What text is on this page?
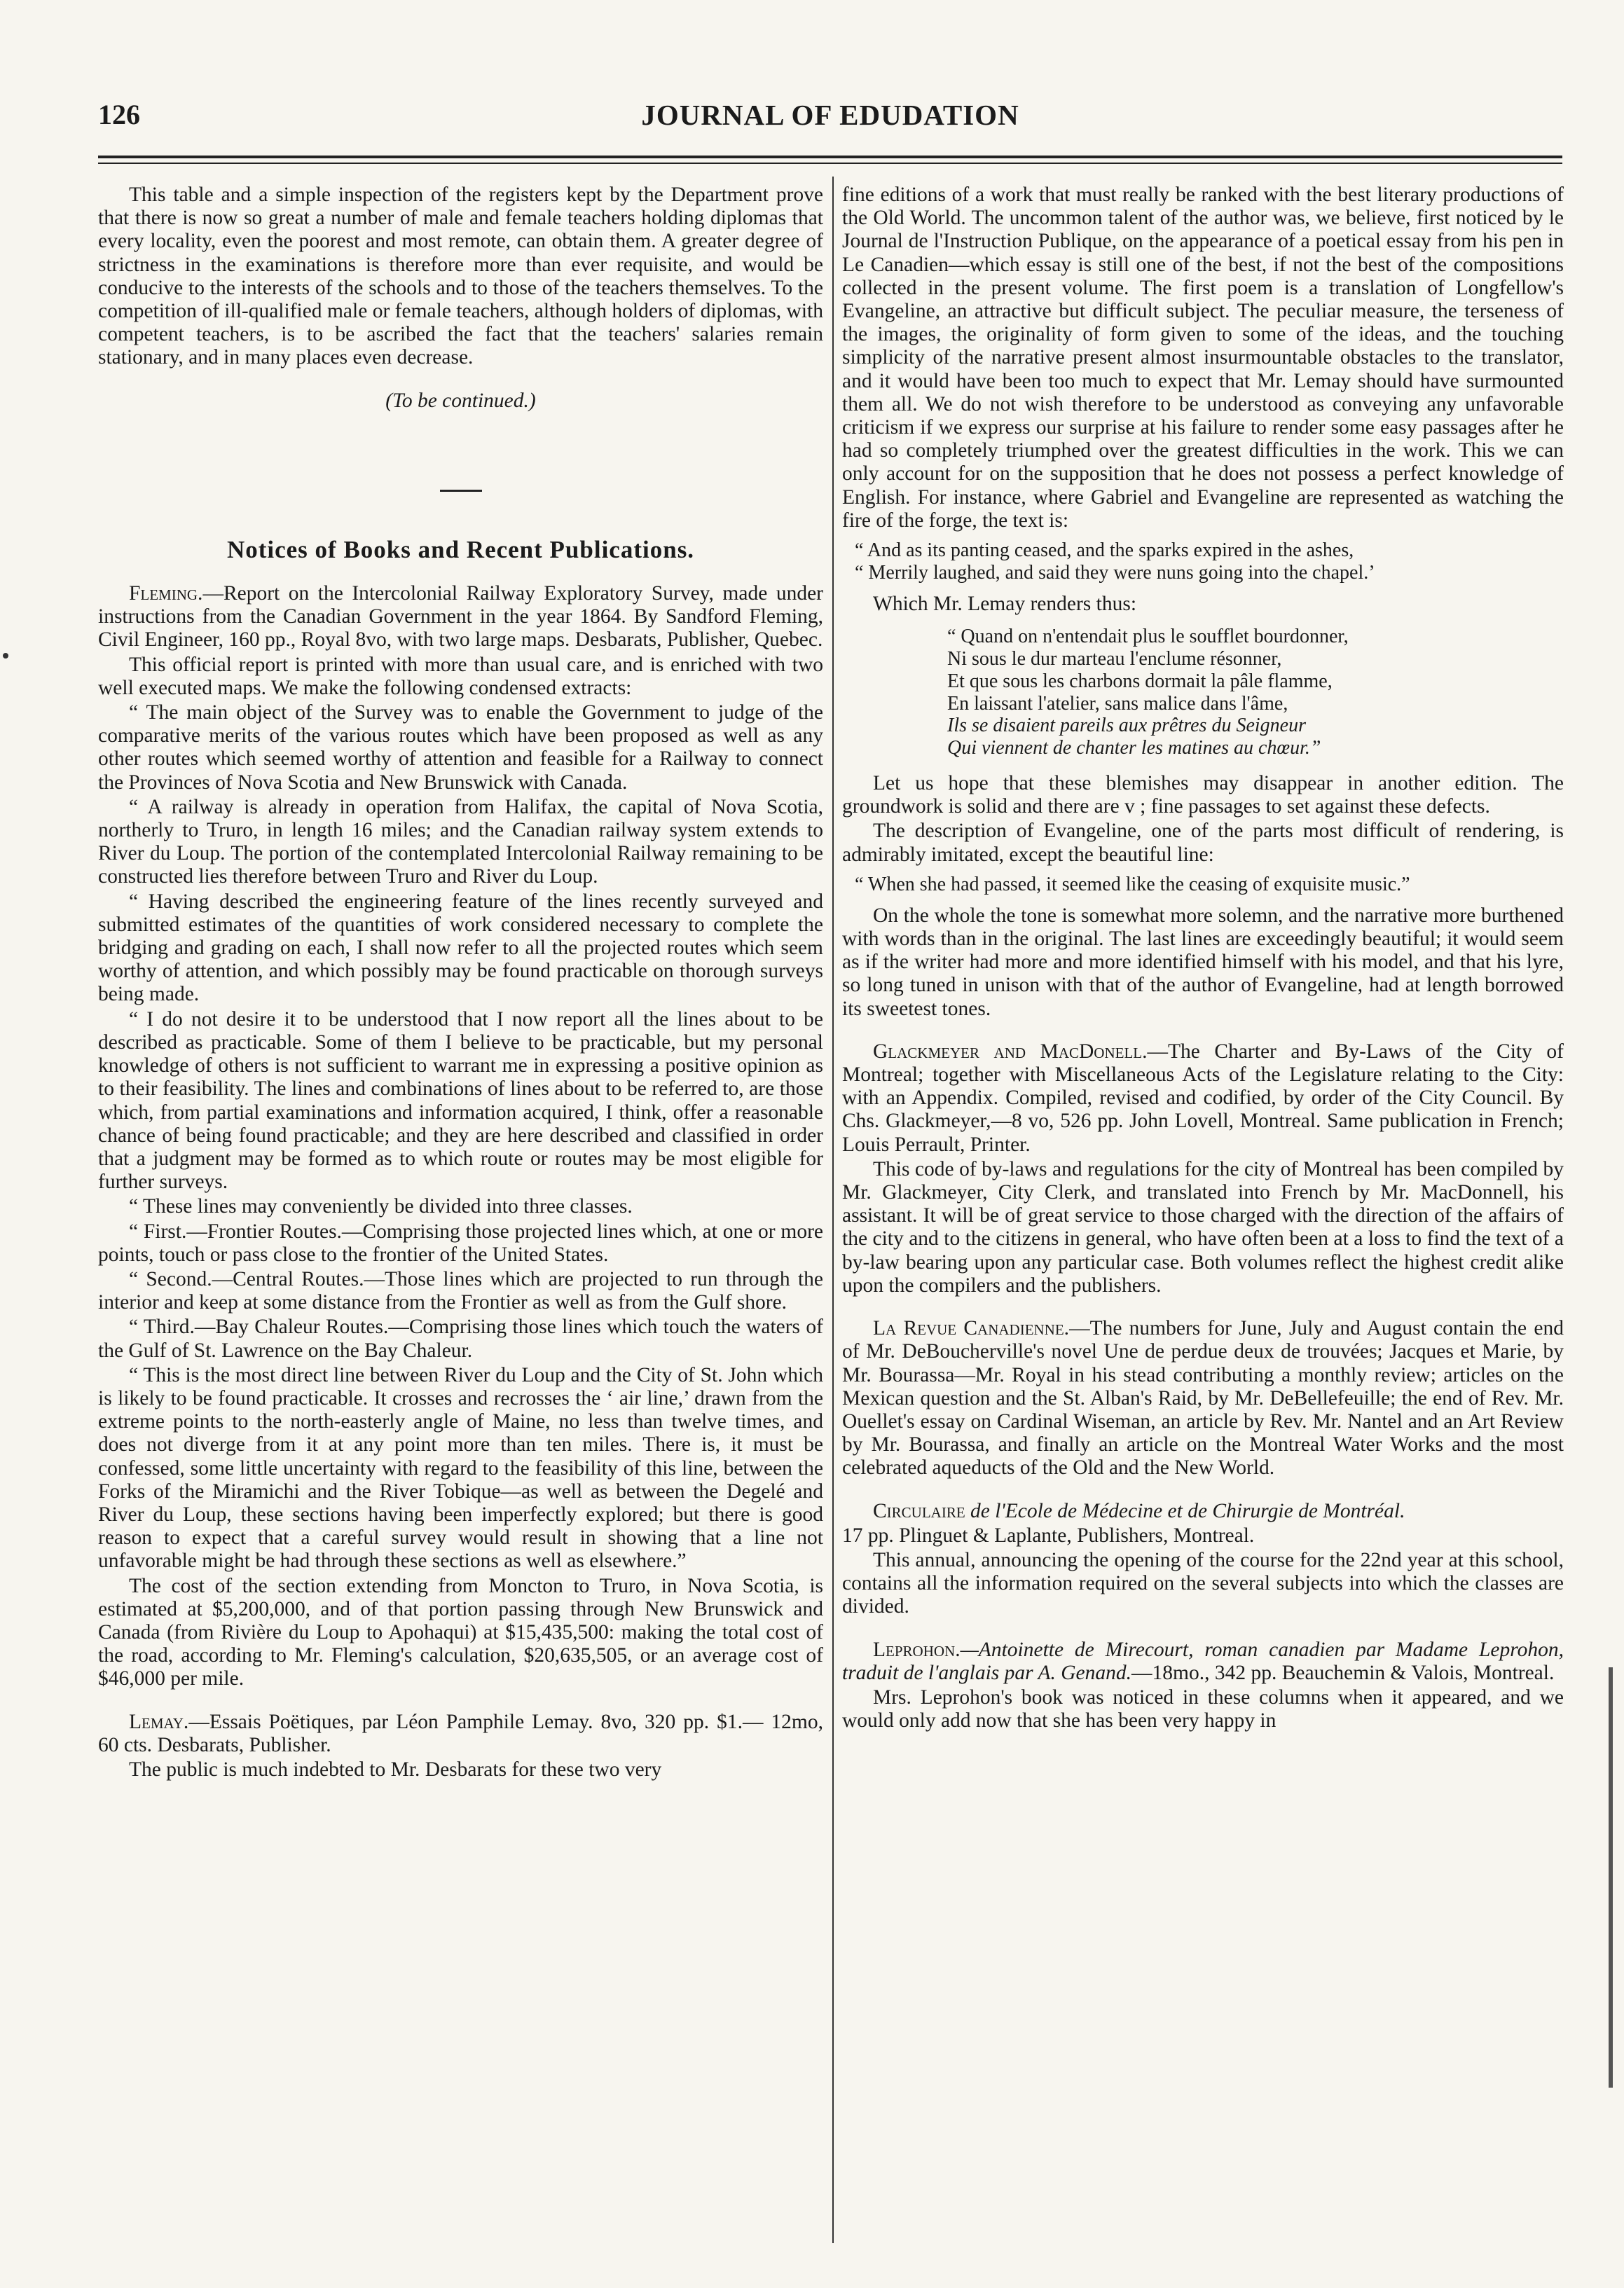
126	JOURNAL OF EDUDATION

This table and a simple inspection of the registers kept by the Department prove that there is now so great a number of male and female teachers holding diplomas that every locality, even the poorest and most remote, can obtain them. A greater degree of strictness in the examinations is therefore more than ever requisite, and would be conducive to the interests of the schools and to those of the teachers themselves. To the competition of ill-qualified male or female teachers, although holders of diplomas, with competent teachers, is to be ascribed the fact that the teachers' salaries remain stationary, and in many places even decrease.

(To be continued.)

Notices of Books and Recent Publications.

Fleming.—Report on the Intercolonial Railway Exploratory Survey, made under instructions from the Canadian Government in the year 1864. By Sandford Fleming, Civil Engineer, 160 pp., Royal 8vo, with two large maps. Desbarats, Publisher, Quebec.

This official report is printed with more than usual care, and is enriched with two well executed maps. We make the following condensed extracts:

“ The main object of the Survey was to enable the Government to judge of the comparative merits of the various routes which have been proposed as well as any other routes which seemed worthy of attention and feasible for a Railway to connect the Provinces of Nova Scotia and New Brunswick with Canada.

“ A railway is already in operation from Halifax, the capital of Nova Scotia, northerly to Truro, in length 16 miles; and the Canadian railway system extends to River du Loup. The portion of the contemplated Intercolonial Railway remaining to be constructed lies therefore between Truro and River du Loup.

“ Having described the engineering feature of the lines recently surveyed and submitted estimates of the quantities of work considered necessary to complete the bridging and grading on each, I shall now refer to all the projected routes which seem worthy of attention, and which possibly may be found practicable on thorough surveys being made.

“ I do not desire it to be understood that I now report all the lines about to be described as practicable. Some of them I believe to be practicable, but my personal knowledge of others is not sufficient to warrant me in expressing a positive opinion as to their feasibility. The lines and combinations of lines about to be referred to, are those which, from partial examinations and information acquired, I think, offer a reasonable chance of being found practicable; and they are here described and classified in order that a judgment may be formed as to which route or routes may be most eligible for further surveys.

“ These lines may conveniently be divided into three classes.

“ First.—Frontier Routes.—Comprising those projected lines which, at one or more points, touch or pass close to the frontier of the United States.

“ Second.—Central Routes.—Those lines which are projected to run through the interior and keep at some distance from the Frontier as well as from the Gulf shore.

“ Third.—Bay Chaleur Routes.—Comprising those lines which touch the waters of the Gulf of St. Lawrence on the Bay Chaleur.

“ This is the most direct line between River du Loup and the City of St. John which is likely to be found practicable. It crosses and recrosses the ‘ air line,’ drawn from the extreme points to the north-easterly angle of Maine, no less than twelve times, and does not diverge from it at any point more than ten miles. There is, it must be confessed, some little uncertainty with regard to the feasibility of this line, between the Forks of the Miramichi and the River Tobique—as well as between the Degelé and River du Loup, these sections having been imperfectly explored; but there is good reason to expect that a careful survey would result in showing that a line not unfavorable might be had through these sections as well as elsewhere.”

The cost of the section extending from Moncton to Truro, in Nova Scotia, is estimated at $5,200,000, and of that portion passing through New Brunswick and Canada (from Rivière du Loup to Apohaqui) at $15,435,500: making the total cost of the road, according to Mr. Fleming's calculation, $20,635,505, or an average cost of $46,000 per mile.

Lemay.—Essais Poëtiques, par Léon Pamphile Lemay. 8vo, 320 pp. $1.— 12mo, 60 cts. Desbarats, Publisher.

The public is much indebted to Mr. Desbarats for these two very

fine editions of a work that must really be ranked with the best literary productions of the Old World. The uncommon talent of the author was, we believe, first noticed by le Journal de l'Instruction Publique, on the appearance of a poetical essay from his pen in Le Canadien—which essay is still one of the best, if not the best of the compositions collected in the present volume. The first poem is a translation of Longfellow's Evangeline, an attractive but difficult subject. The peculiar measure, the terseness of the images, the originality of form given to some of the ideas, and the touching simplicity of the narrative present almost insurmountable obstacles to the translator, and it would have been too much to expect that Mr. Lemay should have surmounted them all. We do not wish therefore to be understood as conveying any unfavorable criticism if we express our surprise at his failure to render some easy passages after he had so completely triumphed over the greatest difficulties in the work. This we can only account for on the supposition that he does not possess a perfect knowledge of English. For instance, where Gabriel and Evangeline are represented as watching the fire of the forge, the text is:

“ And as its panting ceased, and the sparks expired in the ashes,
“ Merrily laughed, and said they were nuns going into the chapel.’

Which Mr. Lemay renders thus:

“ Quand on n'entendait plus le soufflet bourdonner,
Ni sous le dur marteau l'enclume résonner,
Et que sous les charbons dormait la pâle flamme,
En laissant l'atelier, sans malice dans l'âme,
Ils se disaient pareils aux prêtres du Seigneur
Qui viennent de chanter les matines au chœur.”

Let us hope that these blemishes may disappear in another edition. The groundwork is solid and there are v ; fine passages to set against these defects.

The description of Evangeline, one of the parts most difficult of rendering, is admirably imitated, except the beautiful line:

“ When she had passed, it seemed like the ceasing of exquisite music.”

On the whole the tone is somewhat more solemn, and the narrative more burthened with words than in the original. The last lines are exceedingly beautiful; it would seem as if the writer had more and more identified himself with his model, and that his lyre, so long tuned in unison with that of the author of Evangeline, had at length borrowed its sweetest tones.

Glackmeyer and MacDonell.—The Charter and By-Laws of the City of Montreal; together with Miscellaneous Acts of the Legislature relating to the City: with an Appendix. Compiled, revised and codified, by order of the City Council. By Chs. Glackmeyer,—8 vo, 526 pp. John Lovell, Montreal. Same publication in French; Louis Perrault, Printer.

This code of by-laws and regulations for the city of Montreal has been compiled by Mr. Glackmeyer, City Clerk, and translated into French by Mr. MacDonnell, his assistant. It will be of great service to those charged with the direction of the affairs of the city and to the citizens in general, who have often been at a loss to find the text of a by-law bearing upon any particular case. Both volumes reflect the highest credit alike upon the compilers and the publishers.

La Revue Canadienne.—The numbers for June, July and August contain the end of Mr. DeBoucherville's novel Une de perdue deux de trouvées; Jacques et Marie, by Mr. Bourassa—Mr. Royal in his stead contributing a monthly review; articles on the Mexican question and the St. Alban's Raid, by Mr. DeBellefeuille; the end of Rev. Mr. Ouellet's essay on Cardinal Wiseman, an article by Rev. Mr. Nantel and an Art Review by Mr. Bourassa, and finally an article on the Montreal Water Works and the most celebrated aqueducts of the Old and the New World.

Circulaire de l'Ecole de Médecine et de Chirurgie de Montréal.

17 pp. Plinguet & Laplante, Publishers, Montreal.

This annual, announcing the opening of the course for the 22nd year at this school, contains all the information required on the several subjects into which the classes are divided.

Leprohon.—Antoinette de Mirecourt, roman canadien par Madame Leprohon, traduit de l'anglais par A. Genand.—18mo., 342 pp. Beauchemin & Valois, Montreal.

Mrs. Leprohon's book was noticed in these columns when it appeared, and we would only add now that she has been very happy in
